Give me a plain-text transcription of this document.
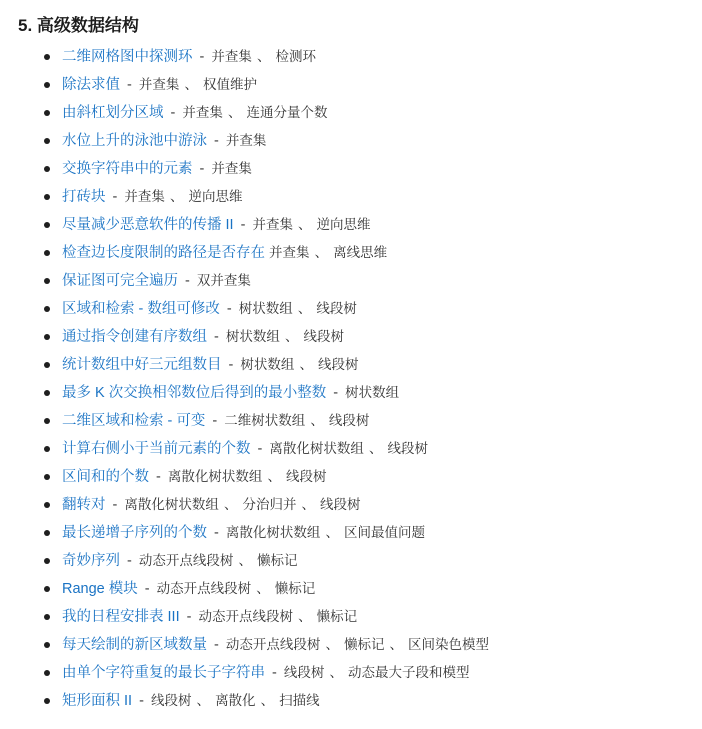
5. 高级数据结构
二维网格图中探测环 - 并查集 、 检测环
除法求值 - 并查集 、 权值维护
由斜杠划分区域 - 并查集 、 连通分量个数
水位上升的泳池中游泳 - 并查集
交换字符串中的元素 - 并查集
打砖块 - 并查集 、 逆向思维
尽量减少恶意软件的传播 II - 并查集 、 逆向思维
检查边长度限制的路径是否存在 并查集 、 离线思维
保证图可完全遍历 - 双并查集
区域和检索 - 数组可修改 - 树状数组 、 线段树
通过指令创建有序数组 - 树状数组 、 线段树
统计数组中好三元组数目 - 树状数组 、 线段树
最多 K 次交换相邻数位后得到的最小整数 - 树状数组
二维区域和检索 - 可变 - 二维树状数组 、 线段树
计算右侧小于当前元素的个数 - 离散化树状数组 、 线段树
区间和的个数 - 离散化树状数组 、 线段树
翻转对 - 离散化树状数组 、 分治归并 、 线段树
最长递增子序列的个数 - 离散化树状数组 、 区间最值问题
奇妙序列 - 动态开点线段树 、 懒标记
Range 模块 - 动态开点线段树 、 懒标记
我的日程安排表 III - 动态开点线段树 、 懒标记
每天绘制的新区域数量 - 动态开点线段树 、 懒标记 、 区间染色模型
由单个字符重复的最长子字符串 - 线段树 、 动态最大子段和模型
矩形面积 II - 线段树 、 离散化 、 扫描线
